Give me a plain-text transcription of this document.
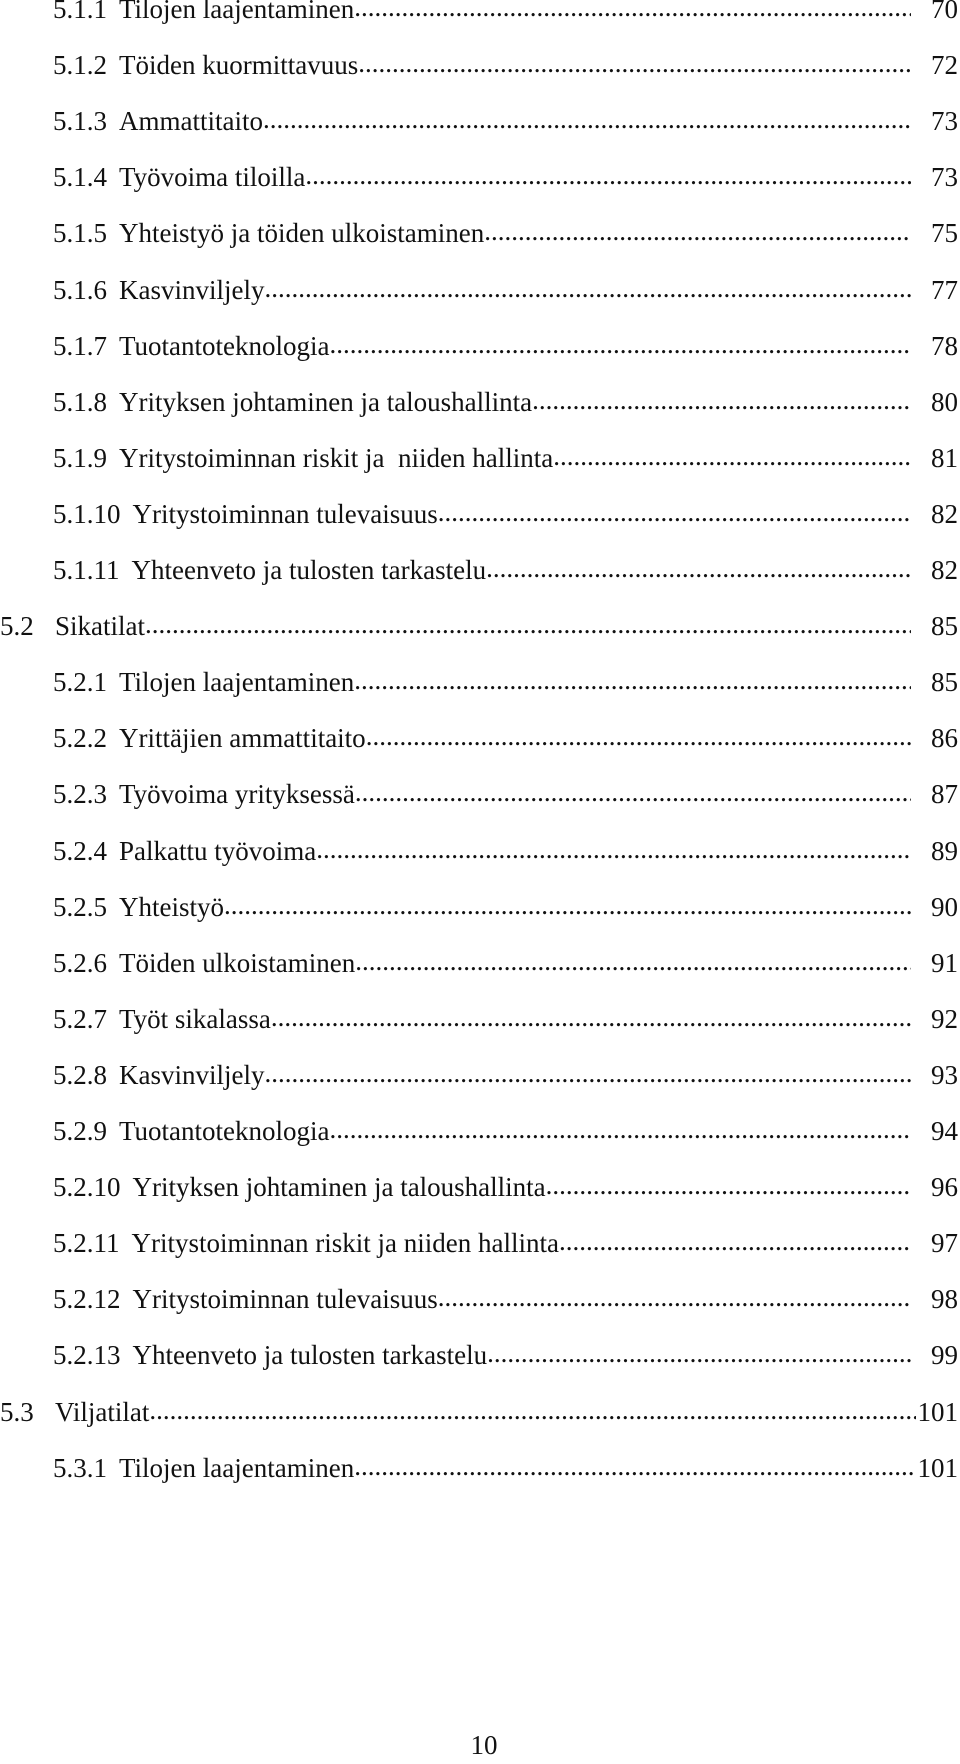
5.1.1 Tilojen laajentaminen .....	70
5.1.2 Töiden kuormittavuus .....	72
5.1.3 Ammattitaito .....	73
5.1.4 Työvoima tiloilla .....	73
5.1.5 Yhteistyö ja töiden ulkoistaminen .....	75
5.1.6 Kasvinviljely .....	77
5.1.7 Tuotantoteknologia .....	78
5.1.8 Yrityksen johtaminen ja taloushallinta .....	80
5.1.9 Yritystoiminnan riskit ja  niiden hallinta .....	81
5.1.10 Yritystoiminnan tulevaisuus .....	82
5.1.11 Yhteenveto ja tulosten tarkastelu .....	82
5.2 Sikatilat .....	85
5.2.1 Tilojen laajentaminen .....	85
5.2.2 Yrittäjien ammattitaito .....	86
5.2.3 Työvoima yrityksessä .....	87
5.2.4 Palkattu työvoima .....	89
5.2.5 Yhteistyö .....	90
5.2.6 Töiden ulkoistaminen .....	91
5.2.7 Työt sikalassa .....	92
5.2.8 Kasvinviljely .....	93
5.2.9 Tuotantoteknologia .....	94
5.2.10 Yrityksen johtaminen ja taloushallinta .....	96
5.2.11 Yritystoiminnan riskit ja niiden hallinta .....	97
5.2.12 Yritystoiminnan tulevaisuus .....	98
5.2.13 Yhteenveto ja tulosten tarkastelu .....	99
5.3 Viljatilat .....	101
5.3.1 Tilojen laajentaminen .....	101
10
